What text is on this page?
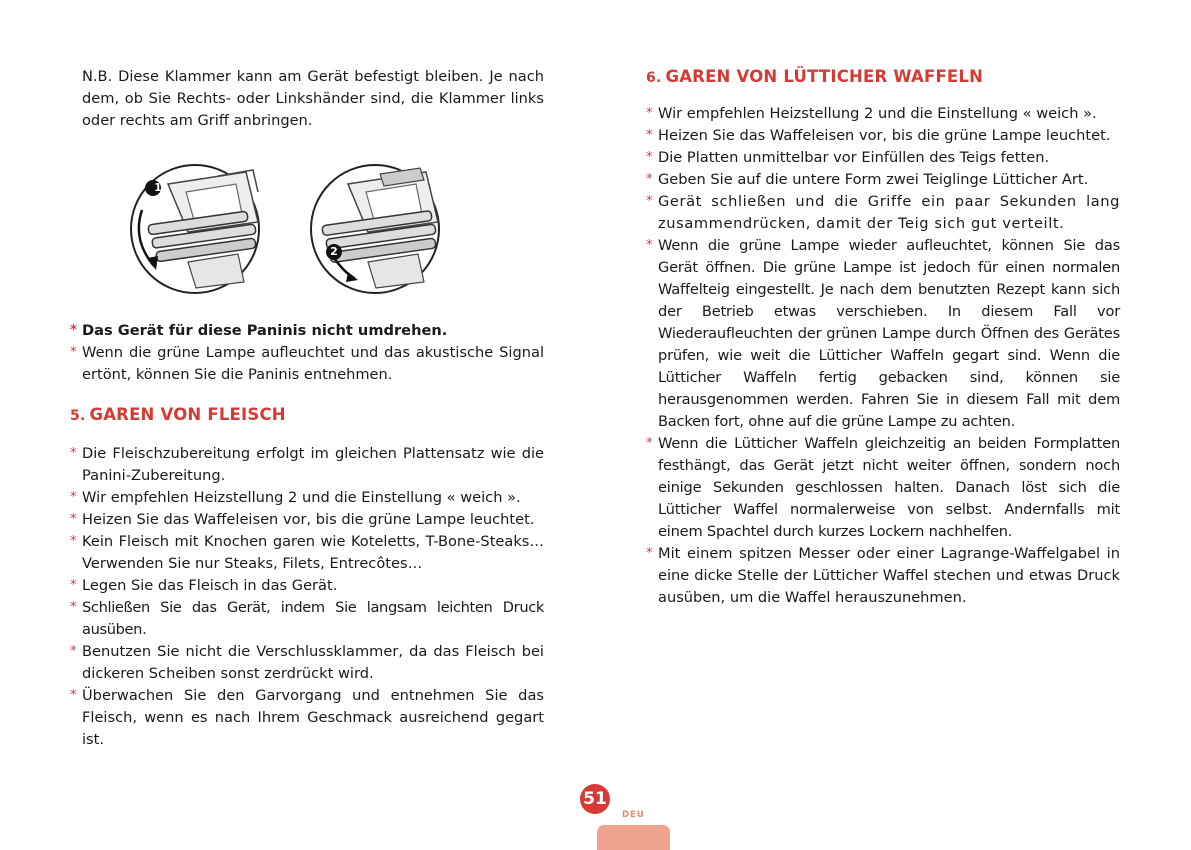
N.B. Diese Klammer kann am Gerät befestigt bleiben. Je nach dem, ob Sie Rechts- oder Linkshänder sind, die Klammer links oder rechts am Griff anbringen.

1
2
* Das Gerät für diese Paninis nicht umdrehen.
* Wenn die grüne Lampe aufleuchtet und das akustische Signal ertönt, können Sie die Paninis entnehmen.
5. GAREN VON FLEISCH
* Die Fleischzubereitung erfolgt im gleichen Plattensatz wie die Panini-Zubereitung.
* Wir empfehlen Heizstellung 2 und die Einstellung « weich ».
* Heizen Sie das Waffeleisen vor, bis die grüne Lampe leuchtet.
* Kein Fleisch mit Knochen garen wie Koteletts, T-Bone-Steaks… Verwenden Sie nur Steaks, Filets, Entrecôtes…
* Legen Sie das Fleisch in das Gerät.
* Schließen Sie das Gerät, indem Sie langsam leichten Druck ausüben.
* Benutzen Sie nicht die Verschlussklammer, da das Fleisch bei dickeren Scheiben sonst zerdrückt wird.
* Überwachen Sie den Garvorgang und entnehmen Sie das Fleisch, wenn es nach Ihrem Geschmack ausreichend gegart ist.
6. GAREN VON LÜTTICHER WAFFELN
* Wir empfehlen Heizstellung 2 und die Einstellung « weich ».
* Heizen Sie das Waffeleisen vor, bis die grüne Lampe leuchtet.
* Die Platten unmittelbar vor Einfüllen des Teigs fetten.
* Geben Sie auf die untere Form zwei Teiglinge Lütticher Art.
* Gerät schließen und die Griffe ein paar Sekunden lang zusammendrücken, damit der Teig sich gut verteilt.
* Wenn die grüne Lampe wieder aufleuchtet, können Sie das Gerät öffnen. Die grüne Lampe ist jedoch für einen normalen Waffelteig eingestellt. Je nach dem benutzten Rezept kann sich der Betrieb etwas verschieben. In diesem Fall vor Wiederaufleuchten der grünen Lampe durch Öffnen des Gerätes prüfen, wie weit die Lütticher Waffeln gegart sind. Wenn die Lütticher Waffeln fertig gebacken sind, können sie herausgenommen werden. Fahren Sie in diesem Fall mit dem Backen fort, ohne auf die grüne Lampe zu achten.
* Wenn die Lütticher Waffeln gleichzeitig an beiden Formplatten festhängt, das Gerät jetzt nicht weiter öffnen, sondern noch einige Sekunden geschlossen halten. Danach löst sich die Lütticher Waffel normalerweise von selbst. Andernfalls mit einem Spachtel durch kurzes Lockern nachhelfen.
* Mit einem spitzen Messer oder einer Lagrange-Waffelgabel in eine dicke Stelle der Lütticher Waffel stechen und etwas Druck ausüben, um die Waffel herauszunehmen.
51
DEU
